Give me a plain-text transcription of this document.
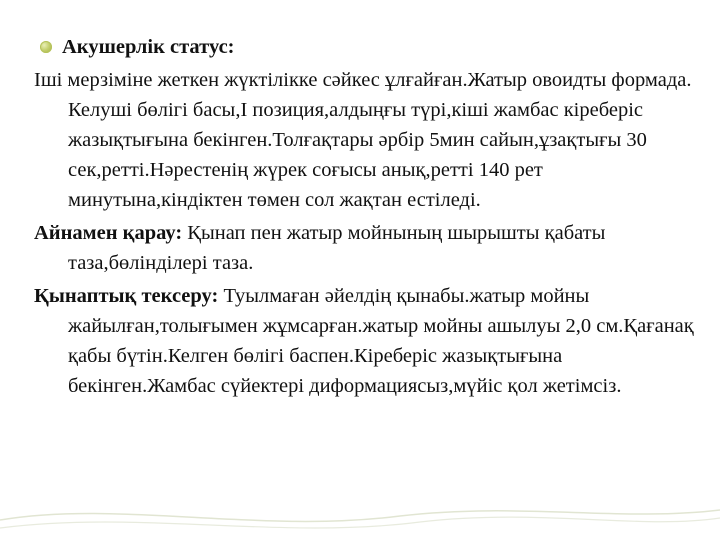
Акушерлік статус:
Іші мерзіміне жеткен жүктілікке сәйкес ұлғайған.Жатыр овоидты формада. Келуші бөлігі басы,І позиция,алдыңғы түрі,кіші жамбас кіреберіс жазықтығына бекінген.Толғақтары әрбір 5мин сайын,ұзақтығы 30 сек,ретті.Нәрестенің жүрек соғысы анық,ретті 140 рет минутына,кіндіктен төмен сол жақтан естіледі.
Айнамен қарау: Қынап пен жатыр мойнының шырышты қабаты таза,бөлінділері таза.
Қынаптық тексеру: Туылмаған әйелдің қынабы.жатыр мойны жайылған,толығымен жұмсарған.жатыр мойны ашылуы 2,0 см.Қағанақ қабы бүтін.Келген бөлігі баспен.Кіреберіс жазықтығына бекінген.Жамбас сүйектері диформациясыз,мүйіс қол жетімсіз.
